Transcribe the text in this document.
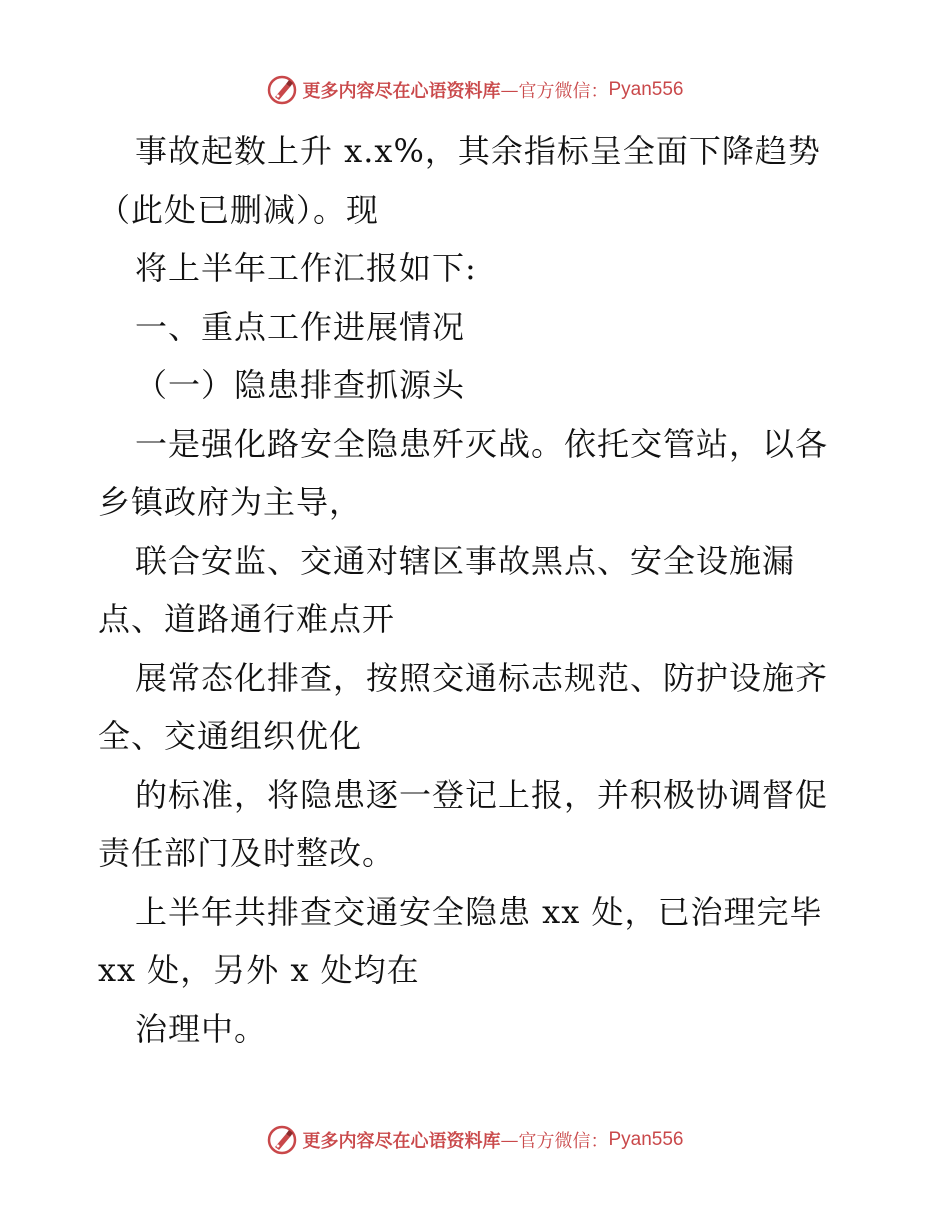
更多内容尽在心语资料库 — 官方微信： Pyan556
事故起数上升 x.x%，其余指标呈全面下降趋势
（此处已删减）。现
将上半年工作汇报如下:
一、重点工作进展情况
（一）隐患排查抓源头
一是强化路安全隐患歼灭战。依托交管站，以各
乡镇政府为主导，
联合安监、交通对辖区事故黑点、安全设施漏
点、道路通行难点开
展常态化排查，按照交通标志规范、防护设施齐
全、交通组织优化
的标准，将隐患逐一登记上报，并积极协调督促
责任部门及时整改。
上半年共排查交通安全隐患 xx 处，已治理完毕
xx 处，另外 x 处均在
治理中。
更多内容尽在心语资料库 — 官方微信： Pyan556
